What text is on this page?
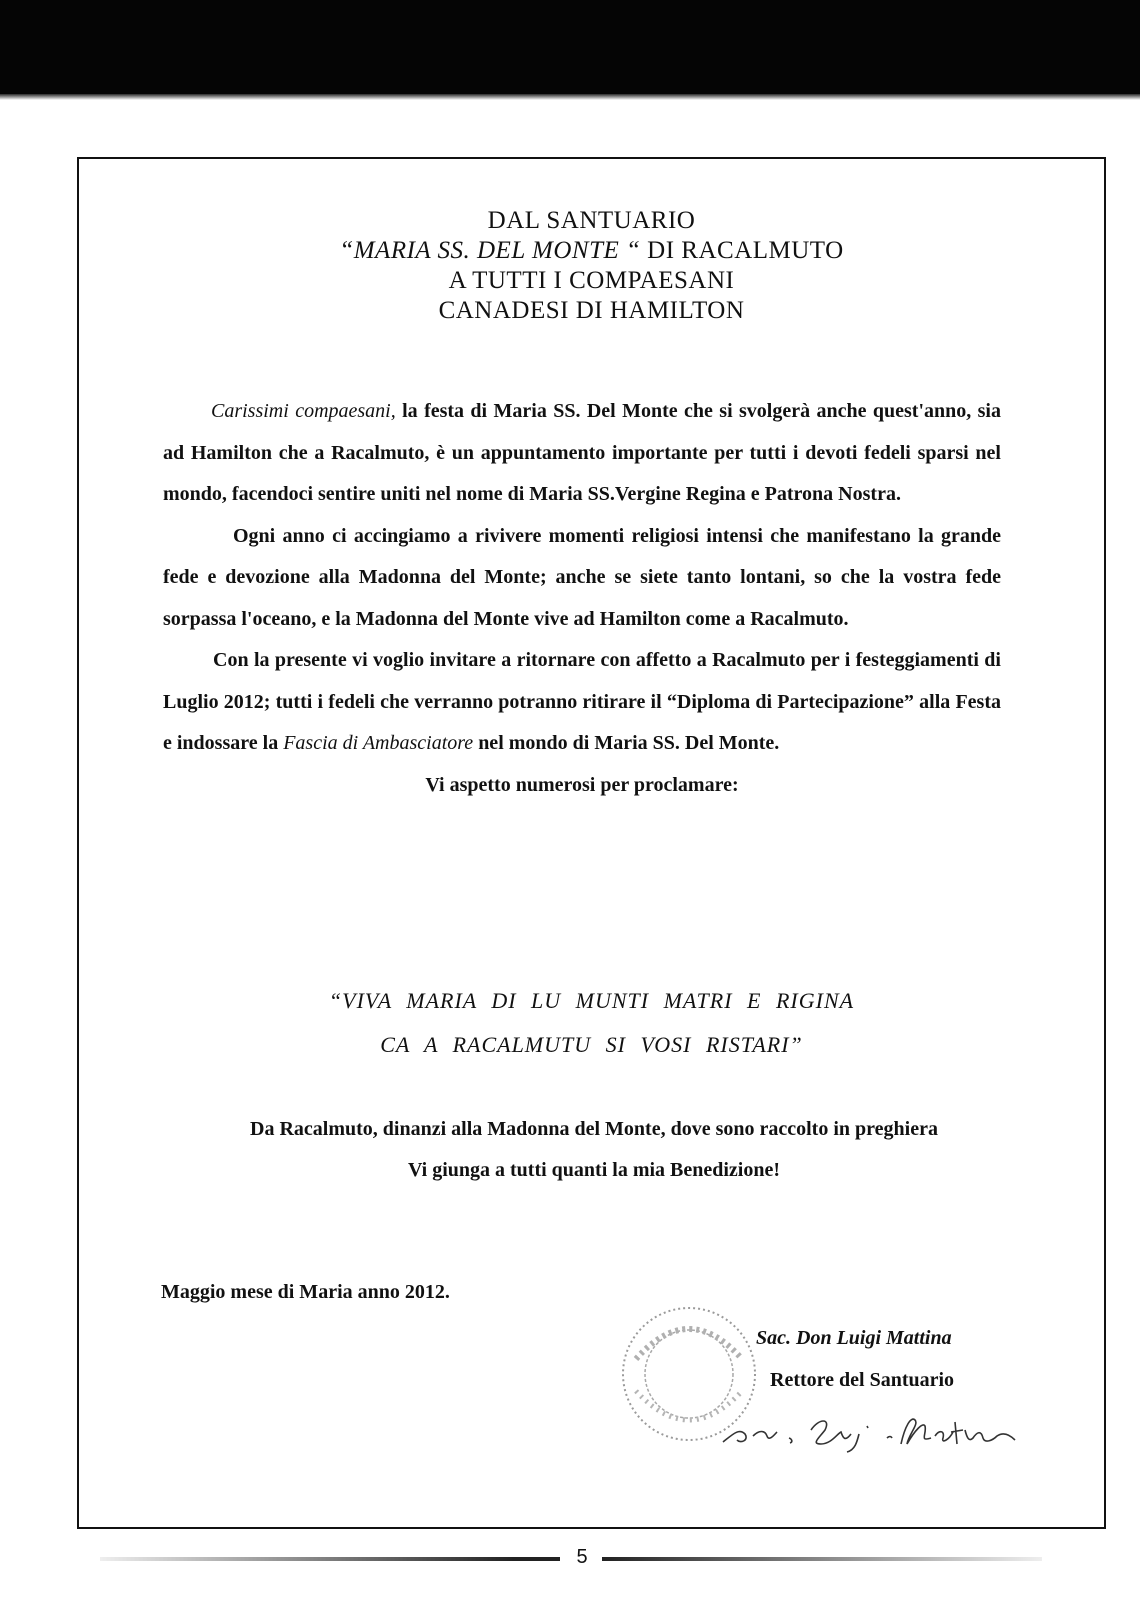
DAL SANTUARIO
“MARIA SS. DEL MONTE “ DI RACALMUTO
A TUTTI I COMPAESANI
CANADESI DI HAMILTON

Carissimi compaesani, la festa di Maria SS. Del Monte che si svolgerà anche quest'anno, sia ad Hamilton che a Racalmuto, è un appuntamento importante per tutti i devoti fedeli sparsi nel mondo, facendoci sentire uniti nel nome di Maria SS.Vergine Regina e Patrona Nostra.

Ogni anno ci accingiamo a rivivere momenti religiosi intensi che manifestano la grande fede e devozione alla Madonna del Monte; anche se siete tanto lontani, so che la vostra fede sorpassa l'oceano, e la Madonna del Monte vive ad Hamilton come a Racalmuto.

Con la presente vi voglio invitare a ritornare con affetto a Racalmuto per i festeggiamenti di Luglio 2012; tutti i fedeli che verranno potranno ritirare il “Diploma di Partecipazione” alla Festa e indossare la Fascia di Ambasciatore nel mondo di Maria SS. Del Monte.

Vi aspetto numerosi per proclamare:

“VIVA MARIA DI LU MUNTI MATRI E RIGINA
CA A RACALMUTU SI VOSI RISTARI”
Da Racalmuto, dinanzi alla Madonna del Monte, dove sono raccolto in preghiera
Vi giunga a tutti quanti la mia Benedizione!
Maggio mese di Maria anno 2012.
Sac. Don Luigi Mattina
Rettore del Santuario
5
